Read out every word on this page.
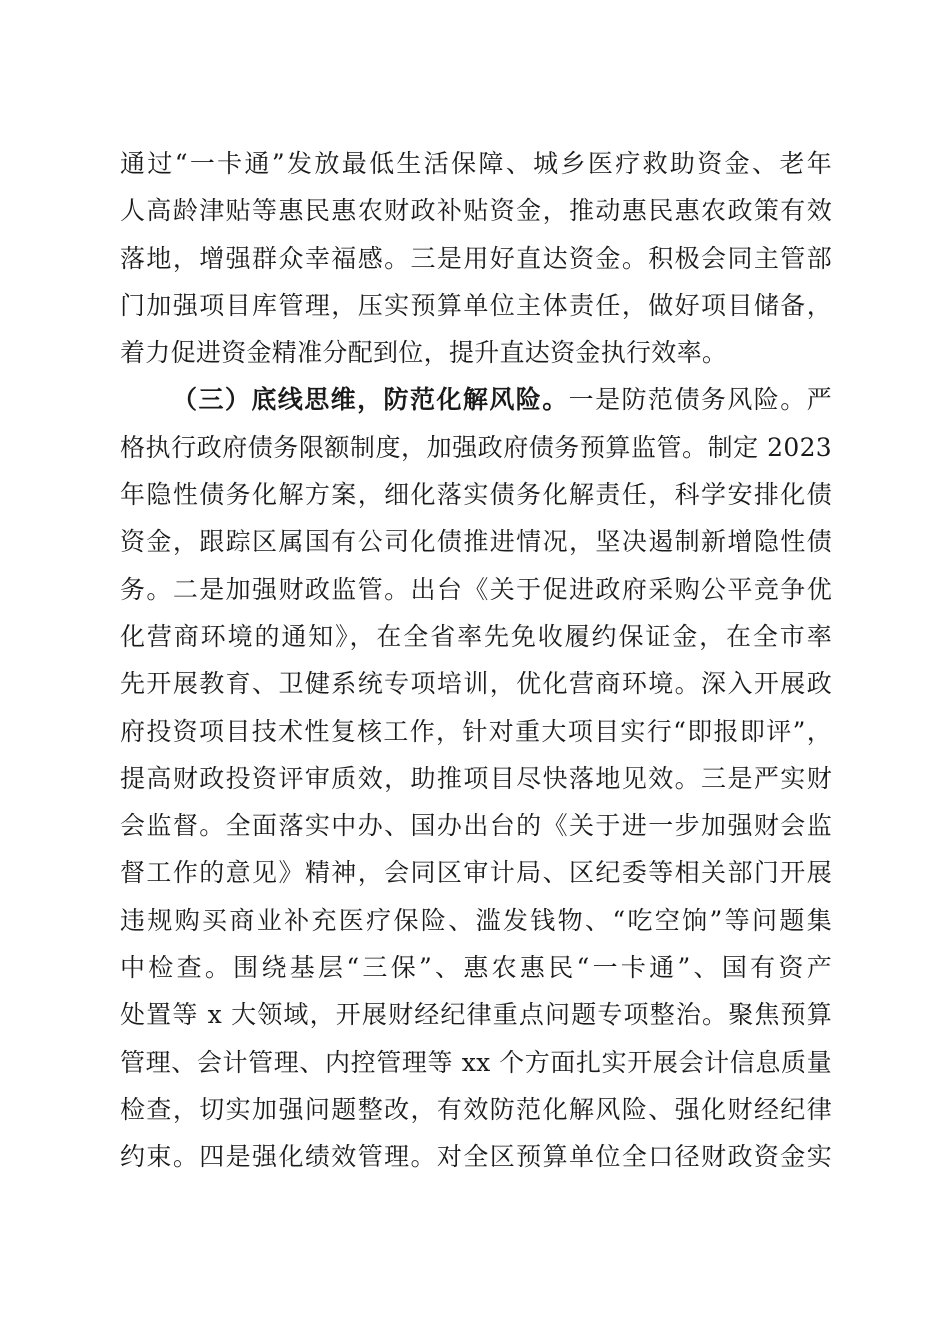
通过“一卡通”发放最低生活保障、城乡医疗救助资金、老年
人高龄津贴等惠民惠农财政补贴资金，推动惠民惠农政策有效
落地，增强群众幸福感。三是用好直达资金。积极会同主管部
门加强项目库管理，压实预算单位主体责任，做好项目储备，
着力促进资金精准分配到位，提升直达资金执行效率。
（三）底线思维，防范化解风险。一是防范债务风险。严
格执行政府债务限额制度，加强政府债务预算监管。制定 2023
年隐性债务化解方案，细化落实债务化解责任，科学安排化债
资金，跟踪区属国有公司化债推进情况，坚决遏制新增隐性债
务。二是加强财政监管。出台《关于促进政府采购公平竞争优
化营商环境的通知》，在全省率先免收履约保证金，在全市率
先开展教育、卫健系统专项培训，优化营商环境。深入开展政
府投资项目技术性复核工作，针对重大项目实行“即报即评”，
提高财政投资评审质效，助推项目尽快落地见效。三是严实财
会监督。全面落实中办、国办出台的《关于进一步加强财会监
督工作的意见》精神，会同区审计局、区纪委等相关部门开展
违规购买商业补充医疗保险、滥发钱物、“吃空饷”等问题集
中检查。围绕基层“三保”、惠农惠民“一卡通”、国有资产
处置等 x 大领域，开展财经纪律重点问题专项整治。聚焦预算
管理、会计管理、内控管理等 xx 个方面扎实开展会计信息质量
检查，切实加强问题整改，有效防范化解风险、强化财经纪律
约束。四是强化绩效管理。对全区预算单位全口径财政资金实
